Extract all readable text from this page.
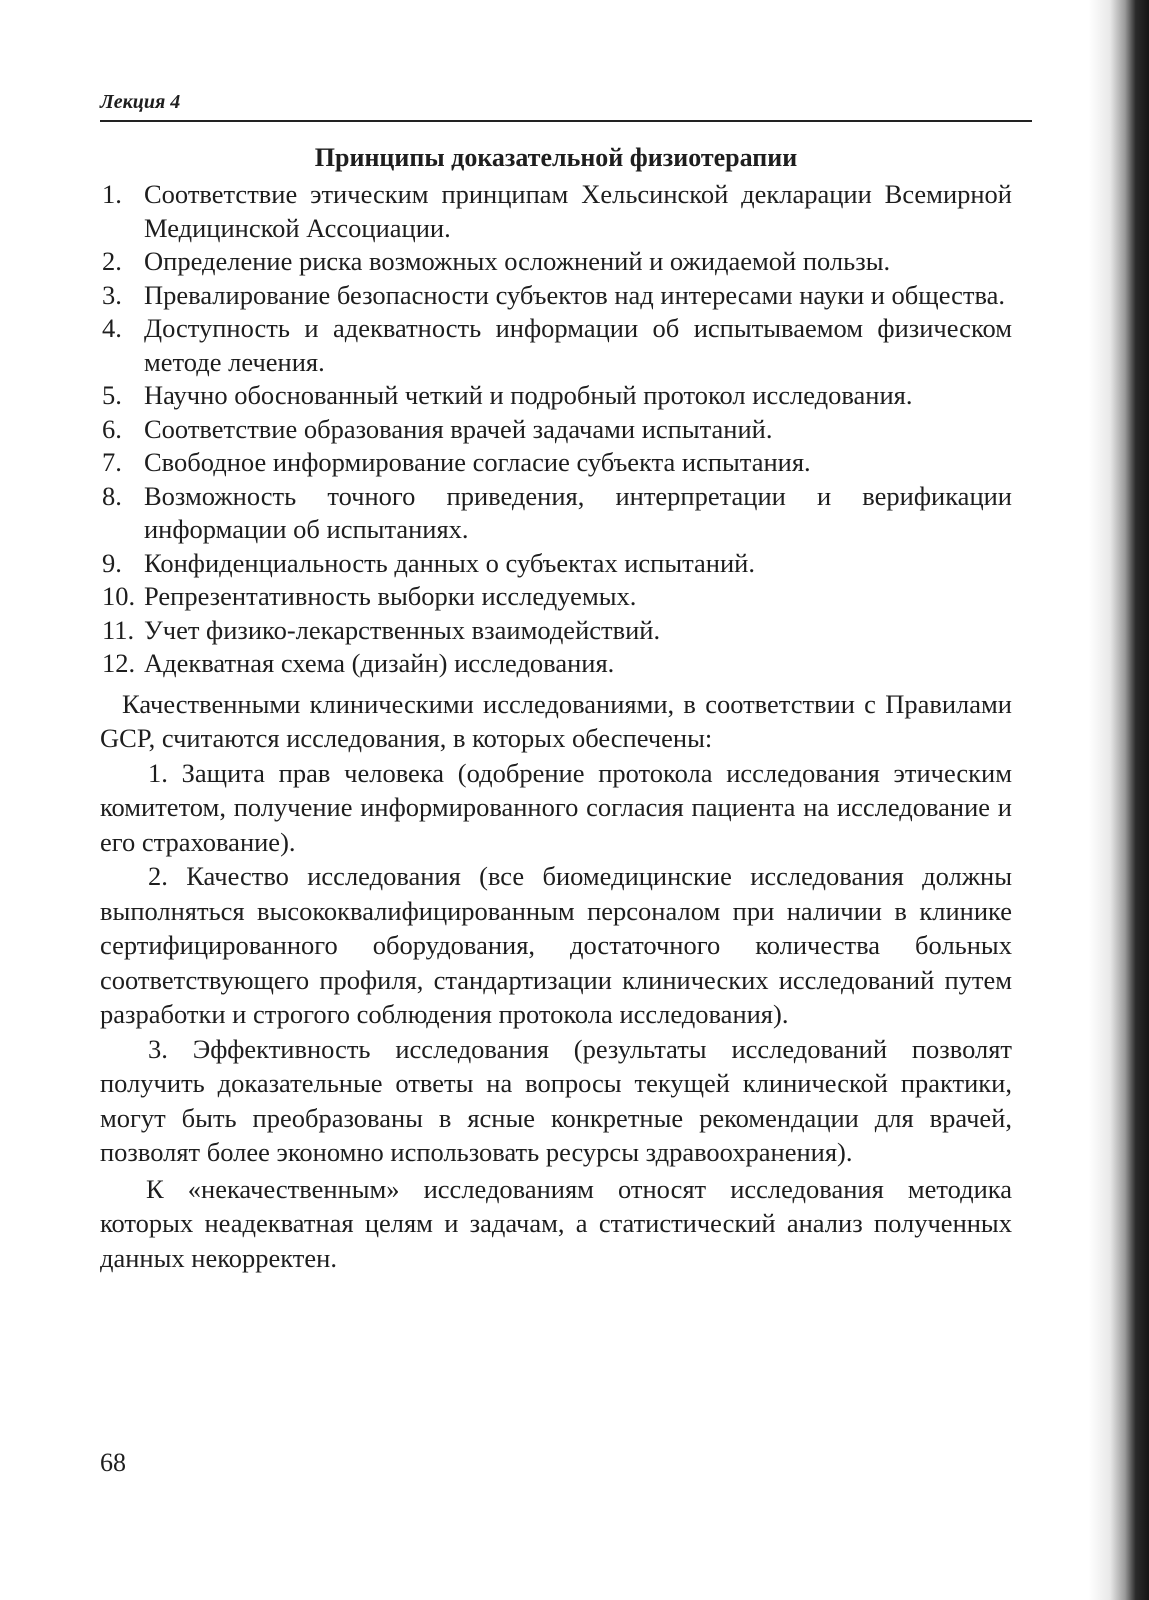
Лекция 4
Принципы доказательной физиотерапии
1. Соответствие этическим принципам Хельсинской декларации Всемирной Медицинской Ассоциации.
2. Определение риска возможных осложнений и ожидаемой пользы.
3. Превалирование безопасности субъектов над интересами науки и общества.
4. Доступность и адекватность информации об испытываемом физическом методе лечения.
5. Научно обоснованный четкий и подробный протокол исследования.
6. Соответствие образования врачей задачами испытаний.
7. Свободное информирование согласие субъекта испытания.
8. Возможность точного приведения, интерпретации и верификации информации об испытаниях.
9. Конфиденциальность данных о субъектах испытаний.
10. Репрезентативность выборки исследуемых.
11. Учет физико-лекарственных взаимодействий.
12. Адекватная схема (дизайн) исследования.

Качественными клиническими исследованиями, в соответствии с Правилами GCP, считаются исследования, в которых обеспечены:

1. Защита прав человека (одобрение протокола исследования этическим комитетом, получение информированного согласия пациента на исследование и его страхование).

2. Качество исследования (все биомедицинские исследования должны выполняться высококвалифицированным персоналом при наличии в клинике сертифицированного оборудования, достаточного количества больных соответствующего профиля, стандартизации клинических исследований путем разработки и строгого соблюдения протокола исследования).

3. Эффективность исследования (результаты исследований позволят получить доказательные ответы на вопросы текущей клинической практики, могут быть преобразованы в ясные конкретные рекомендации для врачей, позволят более экономно использовать ресурсы здравоохранения).

К «некачественным» исследованиям относят исследования методика которых неадекватная целям и задачам, а статистический анализ полученных данных некорректен.

68
